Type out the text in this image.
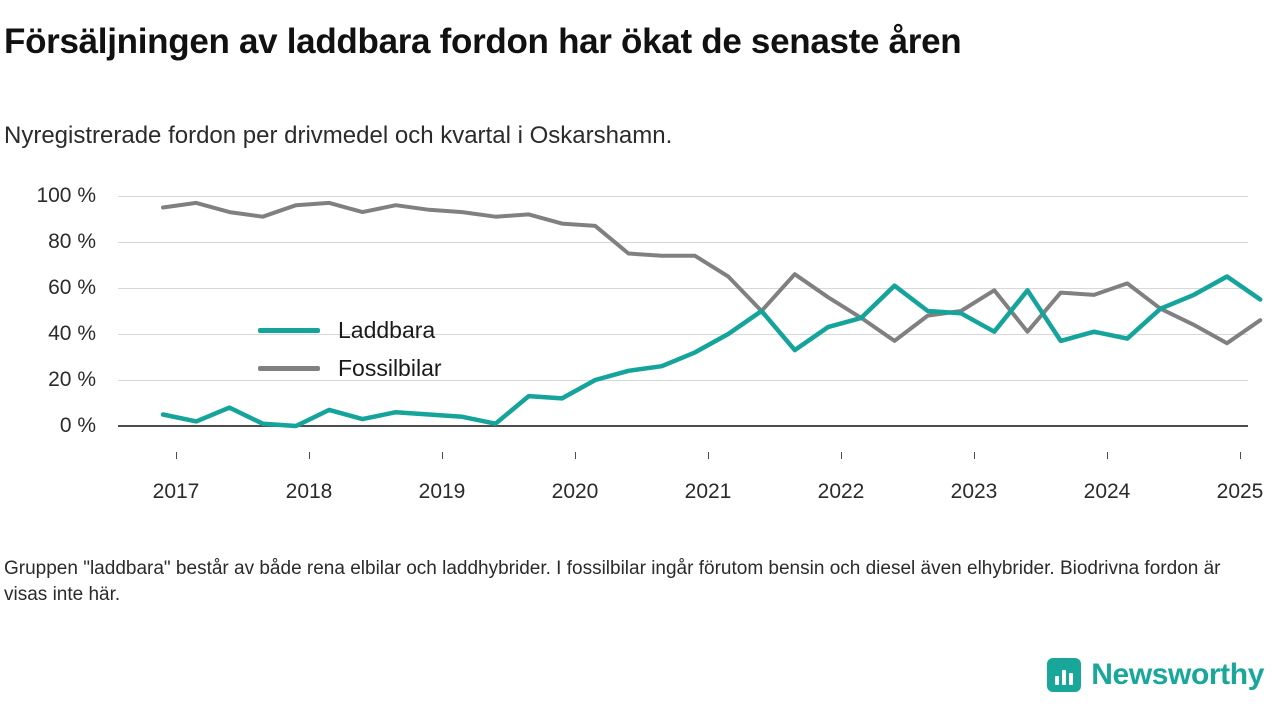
Försäljningen av laddbara fordon har ökat de senaste åren
Nyregistrerade fordon per drivmedel och kvartal i Oskarshamn.
100 %
80 %
60 %
40 %
20 %
0 %
2017	2018	2019	2020	2021	2022	2023	2024	2025
Laddbara
Fossilbilar
Gruppen "laddbara" består av både rena elbilar och laddhybrider. I fossilbilar ingår förutom bensin och diesel även elhybrider. Biodrivna fordon är visas inte här.
Newsworthy
